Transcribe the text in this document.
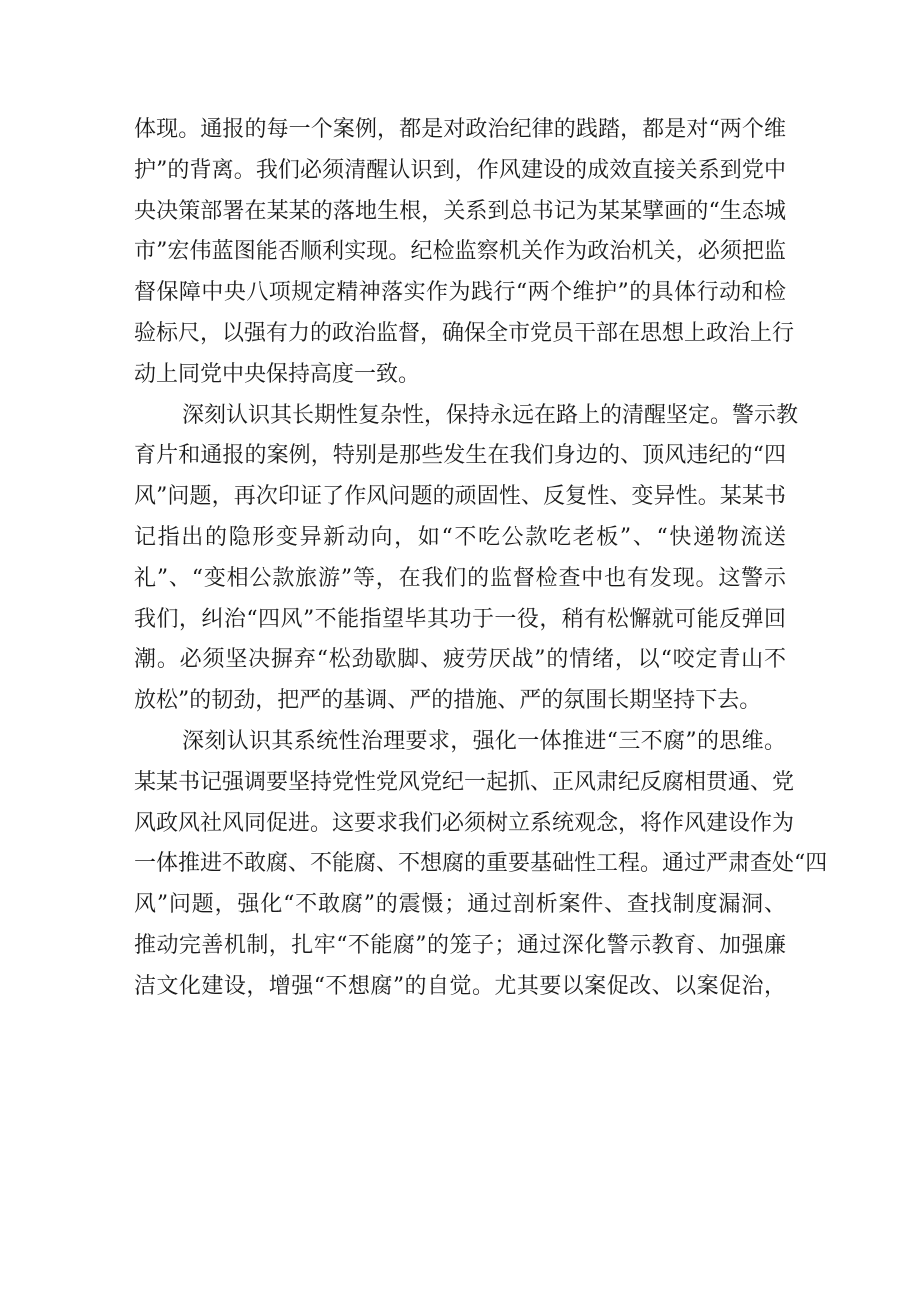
体现。通报的每一个案例，都是对政治纪律的践踏，都是对“两个维
护”的背离。我们必须清醒认识到，作风建设的成效直接关系到党中
央决策部署在某某的落地生根，关系到总书记为某某擘画的“生态城
市”宏伟蓝图能否顺利实现。纪检监察机关作为政治机关，必须把监
督保障中央八项规定精神落实作为践行“两个维护”的具体行动和检
验标尺，以强有力的政治监督，确保全市党员干部在思想上政治上行
动上同党中央保持高度一致。
深刻认识其长期性复杂性，保持永远在路上的清醒坚定。警示教
育片和通报的案例，特别是那些发生在我们身边的、顶风违纪的“四
风”问题，再次印证了作风问题的顽固性、反复性、变异性。某某书
记指出的隐形变异新动向，如“不吃公款吃老板”、“快递物流送
礼”、“变相公款旅游”等，在我们的监督检查中也有发现。这警示
我们，纠治“四风”不能指望毕其功于一役，稍有松懈就可能反弹回
潮。必须坚决摒弃“松劲歇脚、疲劳厌战”的情绪，以“咬定青山不
放松”的韧劲，把严的基调、严的措施、严的氛围长期坚持下去。
深刻认识其系统性治理要求，强化一体推进“三不腐”的思维。
某某书记强调要坚持党性党风党纪一起抓、正风肃纪反腐相贯通、党
风政风社风同促进。这要求我们必须树立系统观念，将作风建设作为
一体推进不敢腐、不能腐、不想腐的重要基础性工程。通过严肃查处“四
风”问题，强化“不敢腐”的震慑；通过剖析案件、查找制度漏洞、
推动完善机制，扎牢“不能腐”的笼子；通过深化警示教育、加强廉
洁文化建设，增强“不想腐”的自觉。尤其要以案促改、以案促治，
